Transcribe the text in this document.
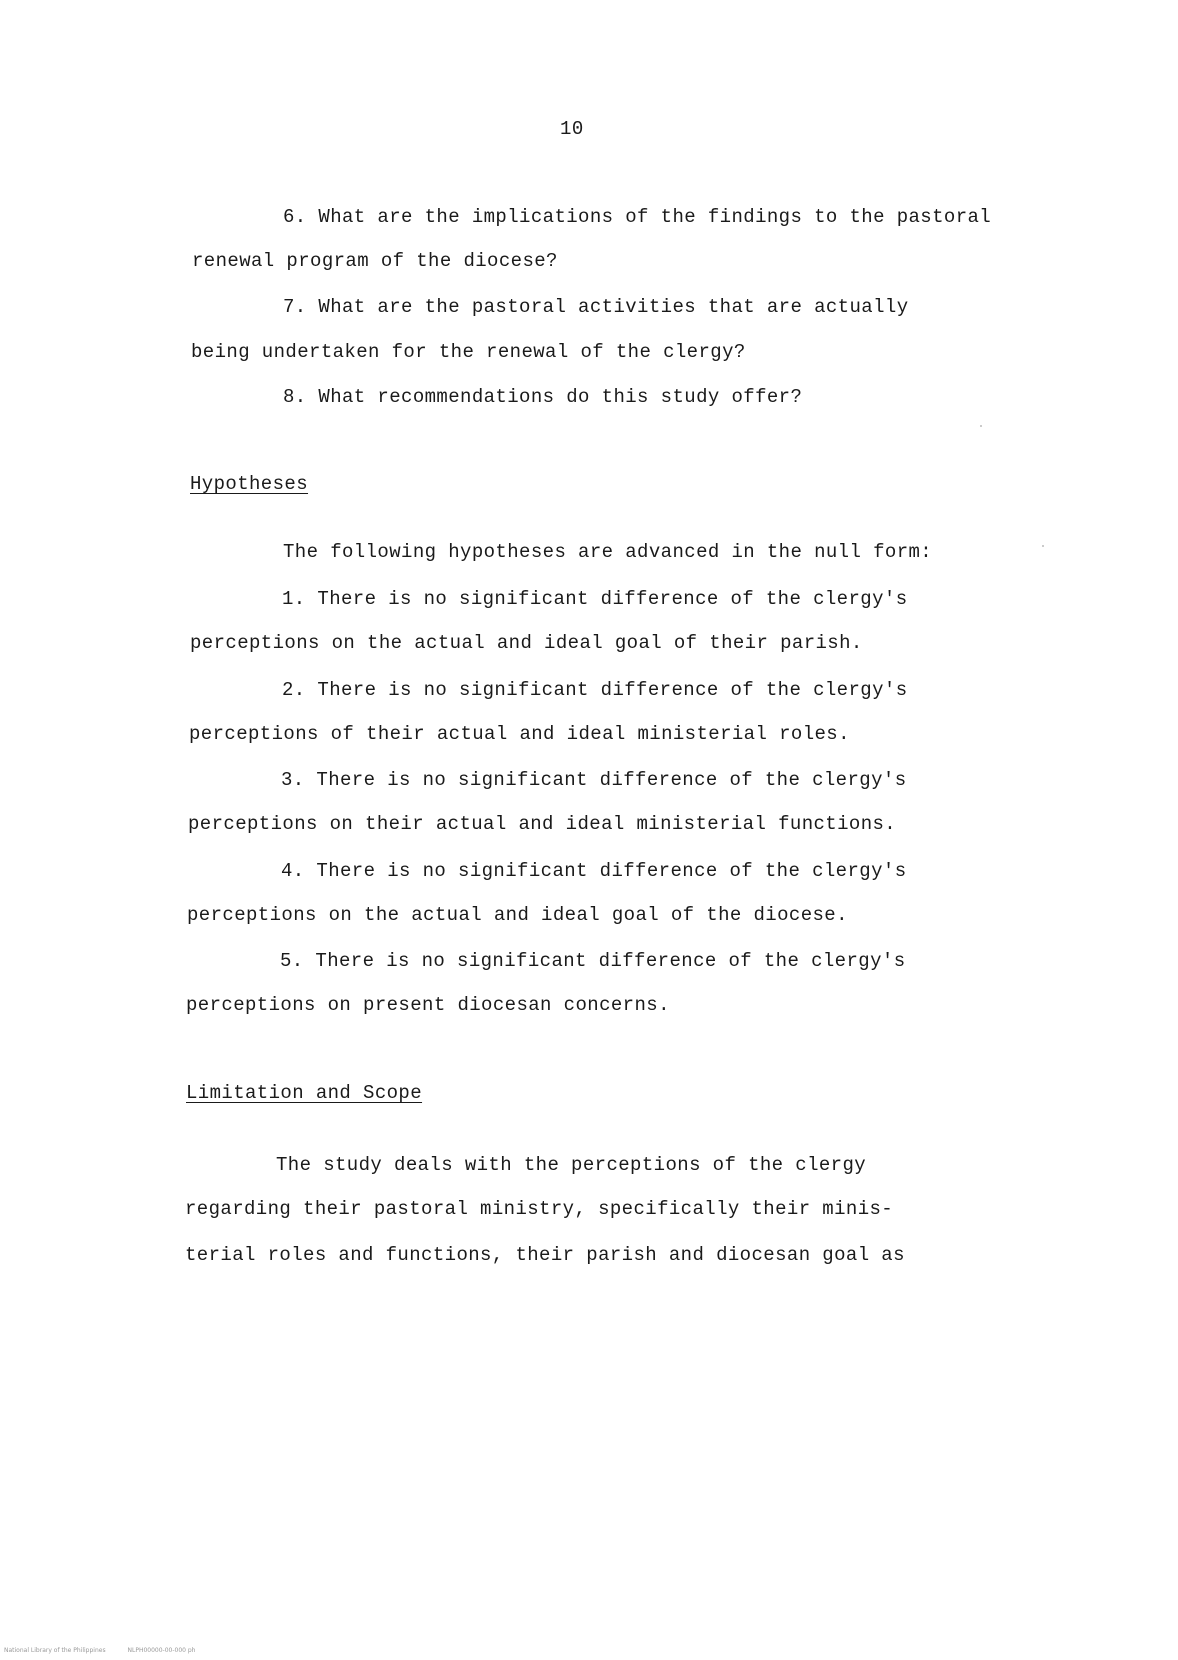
10
6. What are the implications of the findings to the pastoral
renewal program of the diocese?
7. What are the pastoral activities that are actually
being undertaken for the renewal of the clergy?
8. What recommendations do this study offer?
Hypotheses
The following hypotheses are advanced in the null form:
1. There is no significant difference of the clergy's
perceptions on the actual and ideal goal of their parish.
2. There is no significant difference of the clergy's
perceptions of their actual and ideal ministerial roles.
3. There is no significant difference of the clergy's
perceptions on their actual and ideal ministerial functions.
4. There is no significant difference of the clergy's
perceptions on the actual and ideal goal of the diocese.
5. There is no significant difference of the clergy's
perceptions on present diocesan concerns.
Limitation and Scope
The study deals with the perceptions of the clergy
regarding their pastoral ministry, specifically their minis-
terial roles and functions, their parish and diocesan goal as
National Library of the Philippines	NLPH00000-00-000 ph
